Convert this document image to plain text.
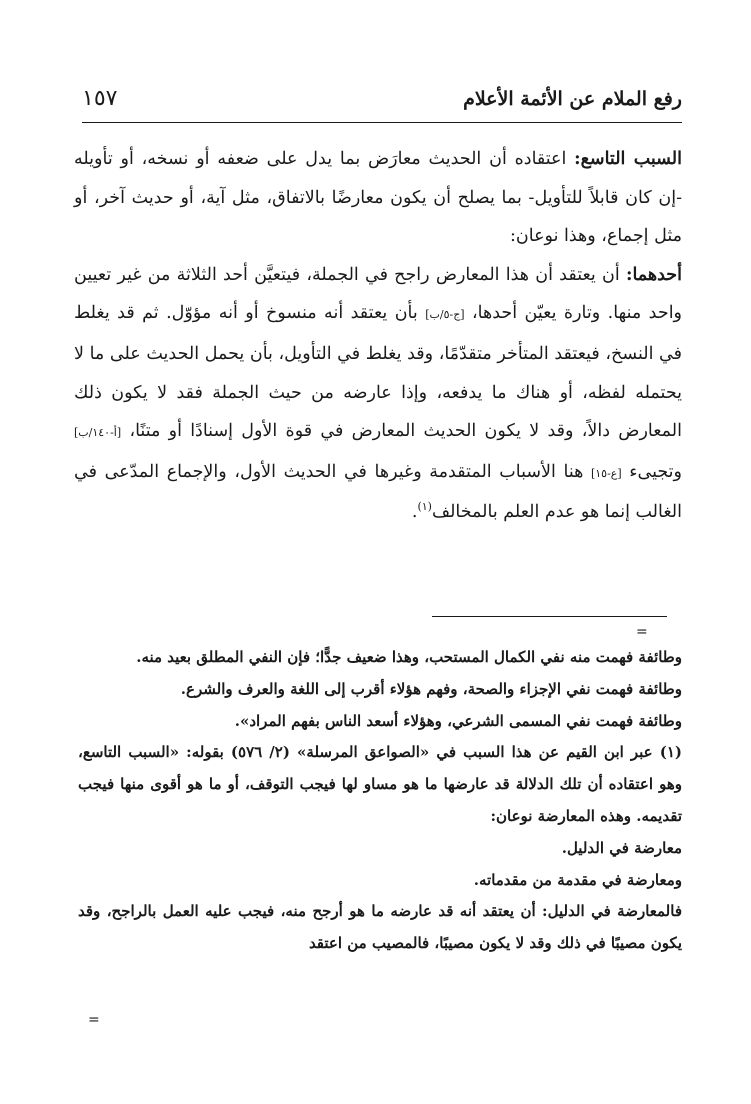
رفع الملام عن الأئمة الأعلام
١٥٧

السبب التاسع: اعتقاده أن الحديث معارَض بما يدل على ضعفه أو نسخه، أو تأويله -إن كان قابلاً للتأويل- بما يصلح أن يكون معارضًا بالاتفاق، مثل آية، أو حديث آخر، أو مثل إجماع، وهذا نوعان:

أحدهما: أن يعتقد أن هذا المعارض راجح في الجملة، فيتعيَّن أحد الثلاثة من غير تعيين واحد منها. وتارة يعيّن أحدها، [ج-٥/ب] بأن يعتقد أنه منسوخ أو أنه مؤوّل. ثم قد يغلط في النسخ، فيعتقد المتأخر متقدّمًا، وقد يغلط في التأويل، بأن يحمل الحديث على ما لا يحتمله لفظه، أو هناك ما يدفعه، وإذا عارضه من حيث الجملة فقد لا يكون ذلك المعارض دالاً، وقد لا يكون الحديث المعارض في قوة الأول إسنادًا أو متنًا، [أ-١٤٠/ب] وتجيىء [ع-١٥] هنا الأسباب المتقدمة وغيرها في الحديث الأول، والإجماع المدّعى في الغالب إنما هو عدم العلم بالمخالف$^{(١)}$.

=

وطائفة فهمت منه نفي الكمال المستحب، وهذا ضعيف جدًّا؛ فإن النفي المطلق بعيد منه.

وطائفة فهمت نفي الإجزاء والصحة، وفهم هؤلاء أقرب إلى اللغة والعرف والشرع.

وطائفة فهمت نفي المسمى الشرعي، وهؤلاء أسعد الناس بفهم المراد».

(١) عبر ابن القيم عن هذا السبب في «الصواعق المرسلة» (٢/ ٥٧٦) بقوله: «السبب التاسع، وهو اعتقاده أن تلك الدلالة قد عارضها ما هو مساو لها فيجب التوقف، أو ما هو أقوى منها فيجب تقديمه. وهذه المعارضة نوعان:

معارضة في الدليل.

ومعارضة في مقدمة من مقدماته.

فالمعارضة في الدليل: أن يعتقد أنه قد عارضه ما هو أرجح منه، فيجب عليه العمل بالراجح، وقد يكون مصيبًا في ذلك وقد لا يكون مصيبًا، فالمصيب من اعتقد

=
